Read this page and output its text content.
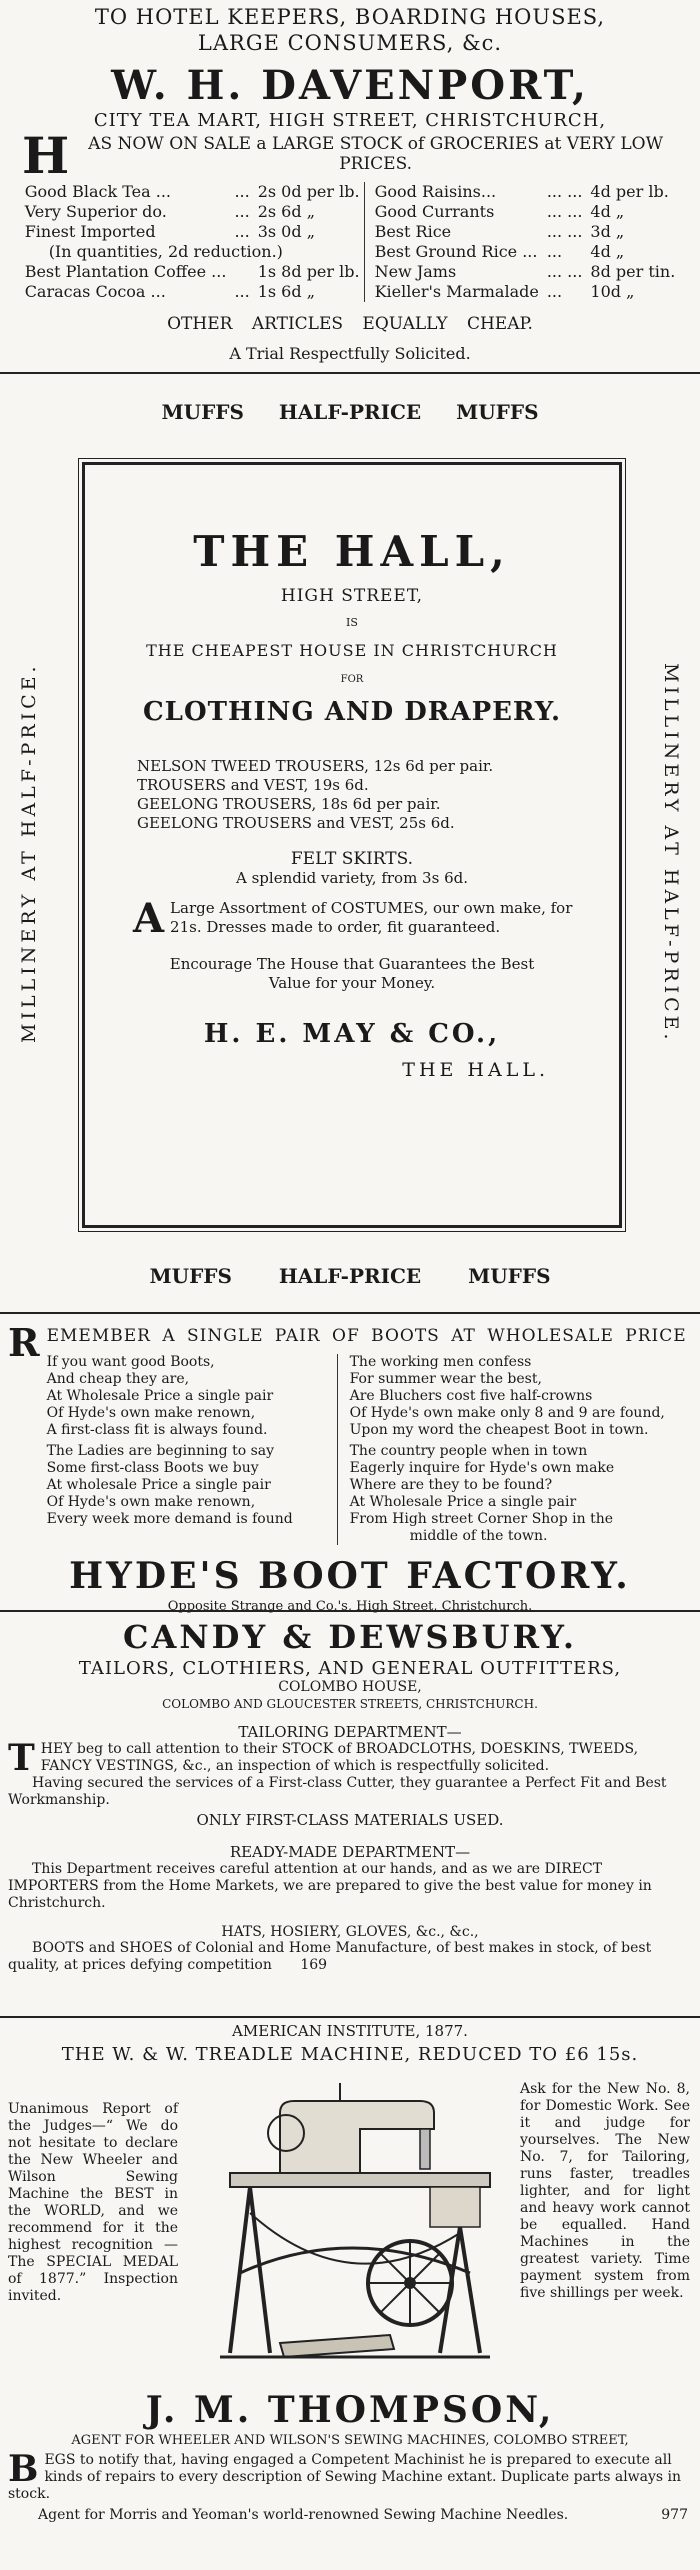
TO HOTEL KEEPERS, BOARDING HOUSES, LARGE CONSUMERS, &c.
W. H. DAVENPORT,
CITY TEA MART, HIGH STREET, CHRISTCHURCH,
H AS NOW ON SALE a LARGE STOCK of GROCERIES at VERY LOW PRICES.
Good Black Tea ...	...	2s 0d per lb.
Very Superior do.	...	2s 6d „
Finest Imported	...	3s 0d „
(In quantities, 2d reduction.)		
Best Plantation Coffee ...		1s 8d per lb.
Caracas Cocoa ...	...	1s 6d „
Good Raisins...	... ...	4d per lb.
Good Currants	... ...	4d „
Best Rice	... ...	3d „
Best Ground Rice ...	...	4d „
New Jams	... ...	8d per tin.
Kieller's Marmalade	...	10d „
OTHER ARTICLES EQUALLY CHEAP.
A Trial Respectfully Solicited.
MUFFS HALF-PRICE MUFFS
MILLINERY AT HALF-PRICE.	MILLINERY AT HALF-PRICE.
THE HALL,
HIGH STREET,
IS
THE CHEAPEST HOUSE IN CHRISTCHURCH
FOR
CLOTHING AND DRAPERY.
NELSON TWEED TROUSERS, 12s 6d per pair.
TROUSERS and VEST, 19s 6d.
GEELONG TROUSERS, 18s 6d per pair.
GEELONG TROUSERS and VEST, 25s 6d.
FELT SKIRTS.
A splendid variety, from 3s 6d.
A Large Assortment of COSTUMES, our own make, for 21s. Dresses made to order, fit guaranteed.
Encourage The House that Guarantees the Best Value for your Money.
H. E. MAY & CO.,
THE HALL.
MUFFS HALF-PRICE MUFFS
R EMEMBER A SINGLE PAIR OF BOOTS AT WHOLESALE PRICE
If you want good Boots,
And cheap they are,
At Wholesale Price a single pair
Of Hyde's own make renown,
A first-class fit is always found.
The Ladies are beginning to say
Some first-class Boots we buy
At wholesale Price a single pair
Of Hyde's own make renown,
Every week more demand is found
The working men confess
For summer wear the best,
Are Bluchers cost five half-crowns
Of Hyde's own make only 8 and 9 are found,
Upon my word the cheapest Boot in town.
The country people when in town
Eagerly inquire for Hyde's own make
Where are they to be found?
At Wholesale Price a single pair
From High street Corner Shop in the
middle of the town.
HYDE'S BOOT FACTORY.
Opposite Strange and Co.'s, High Street, Christchurch.
CANDY & DEWSBURY.
TAILORS, CLOTHIERS, AND GENERAL OUTFITTERS,
COLOMBO HOUSE,
COLOMBO AND GLOUCESTER STREETS, CHRISTCHURCH.
TAILORING DEPARTMENT—
T HEY beg to call attention to their STOCK of BROADCLOTHS, DOESKINS, TWEEDS, FANCY VESTINGS, &c., an inspection of which is respectfully solicited.
Having secured the services of a First-class Cutter, they guarantee a Perfect Fit and Best Workmanship.
ONLY FIRST-CLASS MATERIALS USED.
READY-MADE DEPARTMENT—
This Department receives careful attention at our hands, and as we are DIRECT IMPORTERS from the Home Markets, we are prepared to give the best value for money in Christchurch.
HATS, HOSIERY, GLOVES, &c., &c.,
BOOTS and SHOES of Colonial and Home Manufacture, of best makes in stock, of best quality, at prices defying competition 169
AMERICAN INSTITUTE, 1877.
THE W. & W. TREADLE MACHINE, REDUCED TO £6 15s.
Unanimous Report of the Judges—“ We do not hesitate to declare the New Wheeler and Wilson Sewing Machine the BEST in the WORLD, and we recommend for it the highest recognition — The SPECIAL MEDAL of 1877.” Inspection invited.
Ask for the New No. 8, for Domestic Work. See it and judge for yourselves. The New No. 7, for Tailoring, runs faster, treadles lighter, and for light and heavy work cannot be equalled. Hand Machines in the greatest variety. Time payment system from five shillings per week.
J. M. THOMPSON,
AGENT FOR WHEELER AND WILSON'S SEWING MACHINES, COLOMBO STREET,
B EGS to notify that, having engaged a Competent Machinist he is prepared to execute all kinds of repairs to every description of Sewing Machine extant. Duplicate parts always in stock.
Agent for Morris and Yeoman's world-renowned Sewing Machine Needles.	977
